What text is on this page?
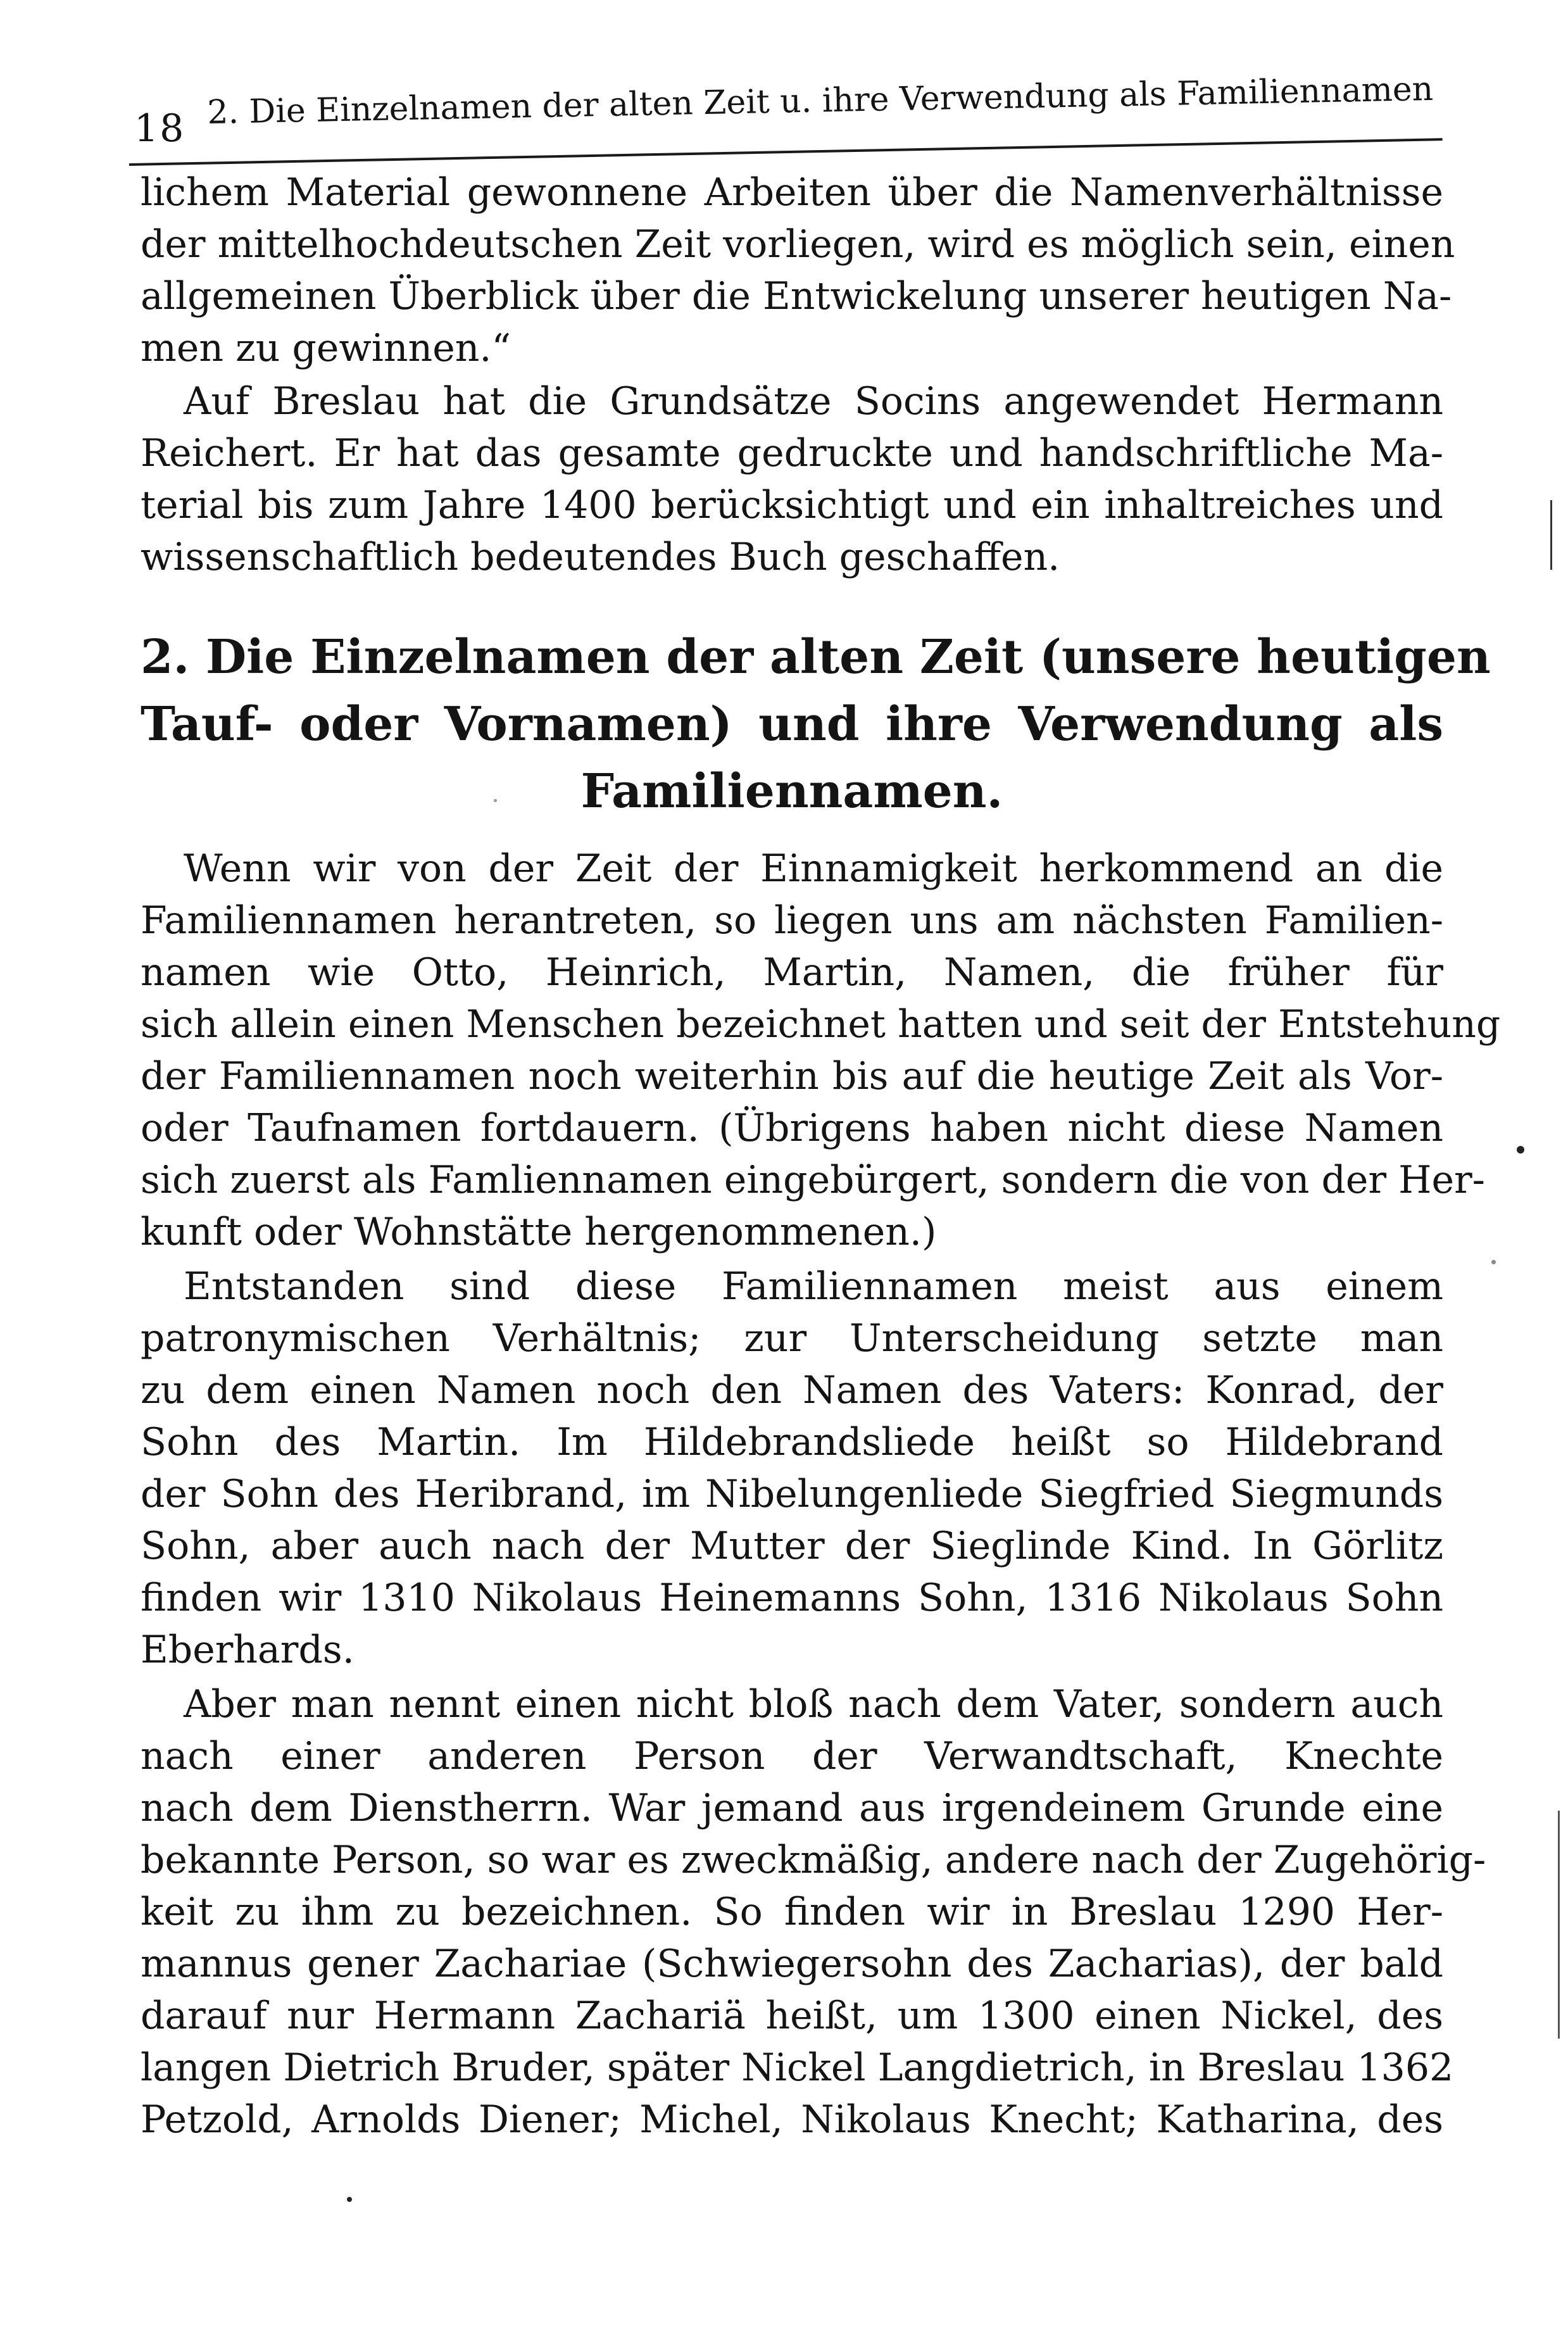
18 2. Die Einzelnamen der alten Zeit u. ihre Verwendung als Familiennamen
lichem Material gewonnene Arbeiten über die Namenverhältnisse
der mittelhochdeutschen Zeit vorliegen, wird es möglich sein, einen
allgemeinen Überblick über die Entwickelung unserer heutigen Na-
men zu gewinnen.“
Auf Breslau hat die Grundsätze Socins angewendet Hermann
Reichert. Er hat das gesamte gedruckte und handschriftliche Ma-
terial bis zum Jahre 1400 berücksichtigt und ein inhaltreiches und
wissenschaftlich bedeutendes Buch geschaffen.
2. Die Einzelnamen der alten Zeit (unsere heutigen
Tauf- oder Vornamen) und ihre Verwendung als
Familiennamen.
Wenn wir von der Zeit der Einnamigkeit herkommend an die
Familiennamen herantreten, so liegen uns am nächsten Familien-
namen wie Otto, Heinrich, Martin, Namen, die früher für
sich allein einen Menschen bezeichnet hatten und seit der Entstehung
der Familiennamen noch weiterhin bis auf die heutige Zeit als Vor-
oder Taufnamen fortdauern. (Übrigens haben nicht diese Namen
sich zuerst als Famliennamen eingebürgert, sondern die von der Her-
kunft oder Wohnstätte hergenommenen.)
Entstanden sind diese Familiennamen meist aus einem
patronymischen Verhältnis; zur Unterscheidung setzte man
zu dem einen Namen noch den Namen des Vaters: Konrad, der
Sohn des Martin. Im Hildebrandsliede heißt so Hildebrand
der Sohn des Heribrand, im Nibelungenliede Siegfried Siegmunds
Sohn, aber auch nach der Mutter der Sieglinde Kind. In Görlitz
finden wir 1310 Nikolaus Heinemanns Sohn, 1316 Nikolaus Sohn
Eberhards.
Aber man nennt einen nicht bloß nach dem Vater, sondern auch
nach einer anderen Person der Verwandtschaft, Knechte
nach dem Dienstherrn. War jemand aus irgendeinem Grunde eine
bekannte Person, so war es zweckmäßig, andere nach der Zugehörig-
keit zu ihm zu bezeichnen. So finden wir in Breslau 1290 Her-
mannus gener Zachariae (Schwiegersohn des Zacharias), der bald
darauf nur Hermann Zachariä heißt, um 1300 einen Nickel, des
langen Dietrich Bruder, später Nickel Langdietrich, in Breslau 1362
Petzold, Arnolds Diener; Michel, Nikolaus Knecht; Katharina, des
